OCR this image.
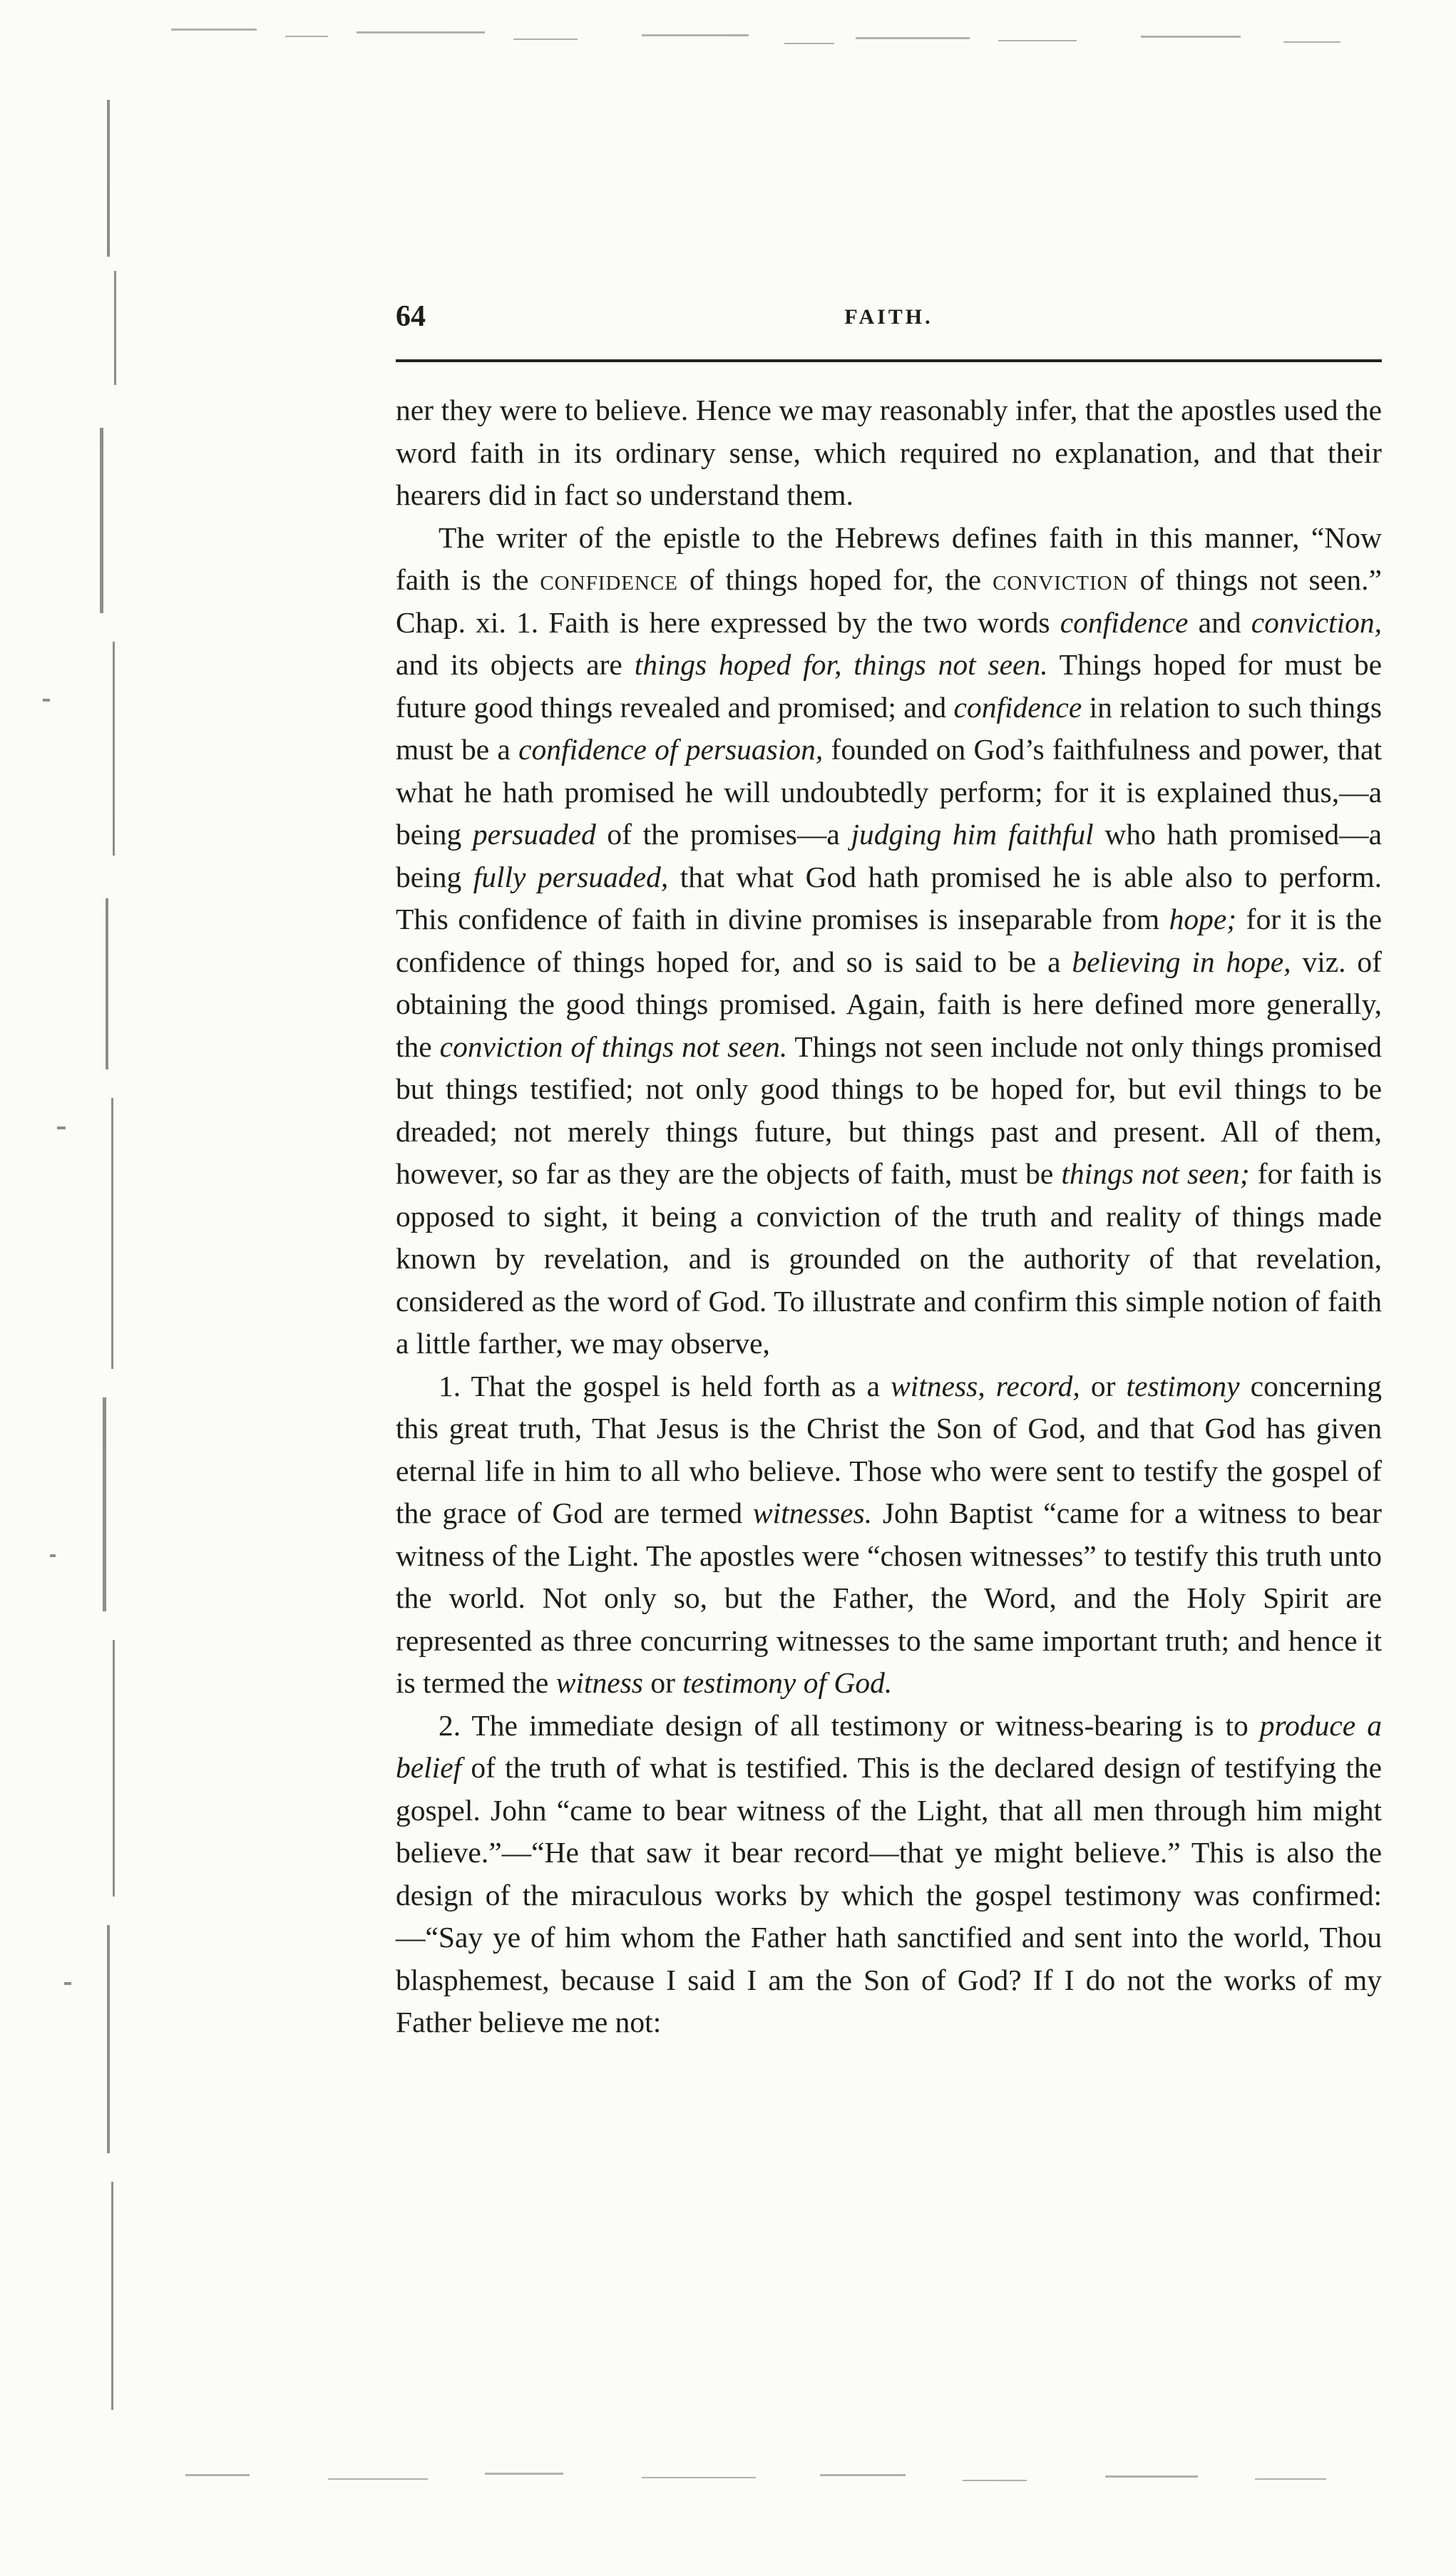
64	FAITH.

ner they were to believe. Hence we may reasonably infer, that the apostles used the word faith in its ordinary sense, which required no explanation, and that their hearers did in fact so understand them.

The writer of the epistle to the Hebrews defines faith in this manner, “Now faith is the confidence of things hoped for, the conviction of things not seen.” Chap. xi. 1. Faith is here expressed by the two words confidence and conviction, and its objects are things hoped for, things not seen. Things hoped for must be future good things revealed and promised; and confidence in relation to such things must be a confidence of persuasion, founded on God’s faithfulness and power, that what he hath promised he will undoubtedly perform; for it is explained thus,—a being persuaded of the promises—a judging him faithful who hath promised—a being fully persuaded, that what God hath promised he is able also to perform. This confidence of faith in divine promises is inseparable from hope; for it is the confidence of things hoped for, and so is said to be a believing in hope, viz. of obtaining the good things promised. Again, faith is here defined more generally, the conviction of things not seen. Things not seen include not only things promised but things testified; not only good things to be hoped for, but evil things to be dreaded; not merely things future, but things past and present. All of them, however, so far as they are the objects of faith, must be things not seen; for faith is opposed to sight, it being a conviction of the truth and reality of things made known by revelation, and is grounded on the authority of that revelation, considered as the word of God. To illustrate and confirm this simple notion of faith a little farther, we may observe,

1. That the gospel is held forth as a witness, record, or testimony concerning this great truth, That Jesus is the Christ the Son of God, and that God has given eternal life in him to all who believe. Those who were sent to testify the gospel of the grace of God are termed witnesses. John Baptist “came for a witness to bear witness of the Light. The apostles were “chosen witnesses” to testify this truth unto the world. Not only so, but the Father, the Word, and the Holy Spirit are represented as three concurring witnesses to the same important truth; and hence it is termed the witness or testimony of God.

2. The immediate design of all testimony or witness-bearing is to produce a belief of the truth of what is testified. This is the declared design of testifying the gospel. John “came to bear witness of the Light, that all men through him might believe.”—“He that saw it bear record—that ye might believe.” This is also the design of the miraculous works by which the gospel testimony was confirmed:—“Say ye of him whom the Father hath sanctified and sent into the world, Thou blasphemest, because I said I am the Son of God? If I do not the works of my Father believe me not:
